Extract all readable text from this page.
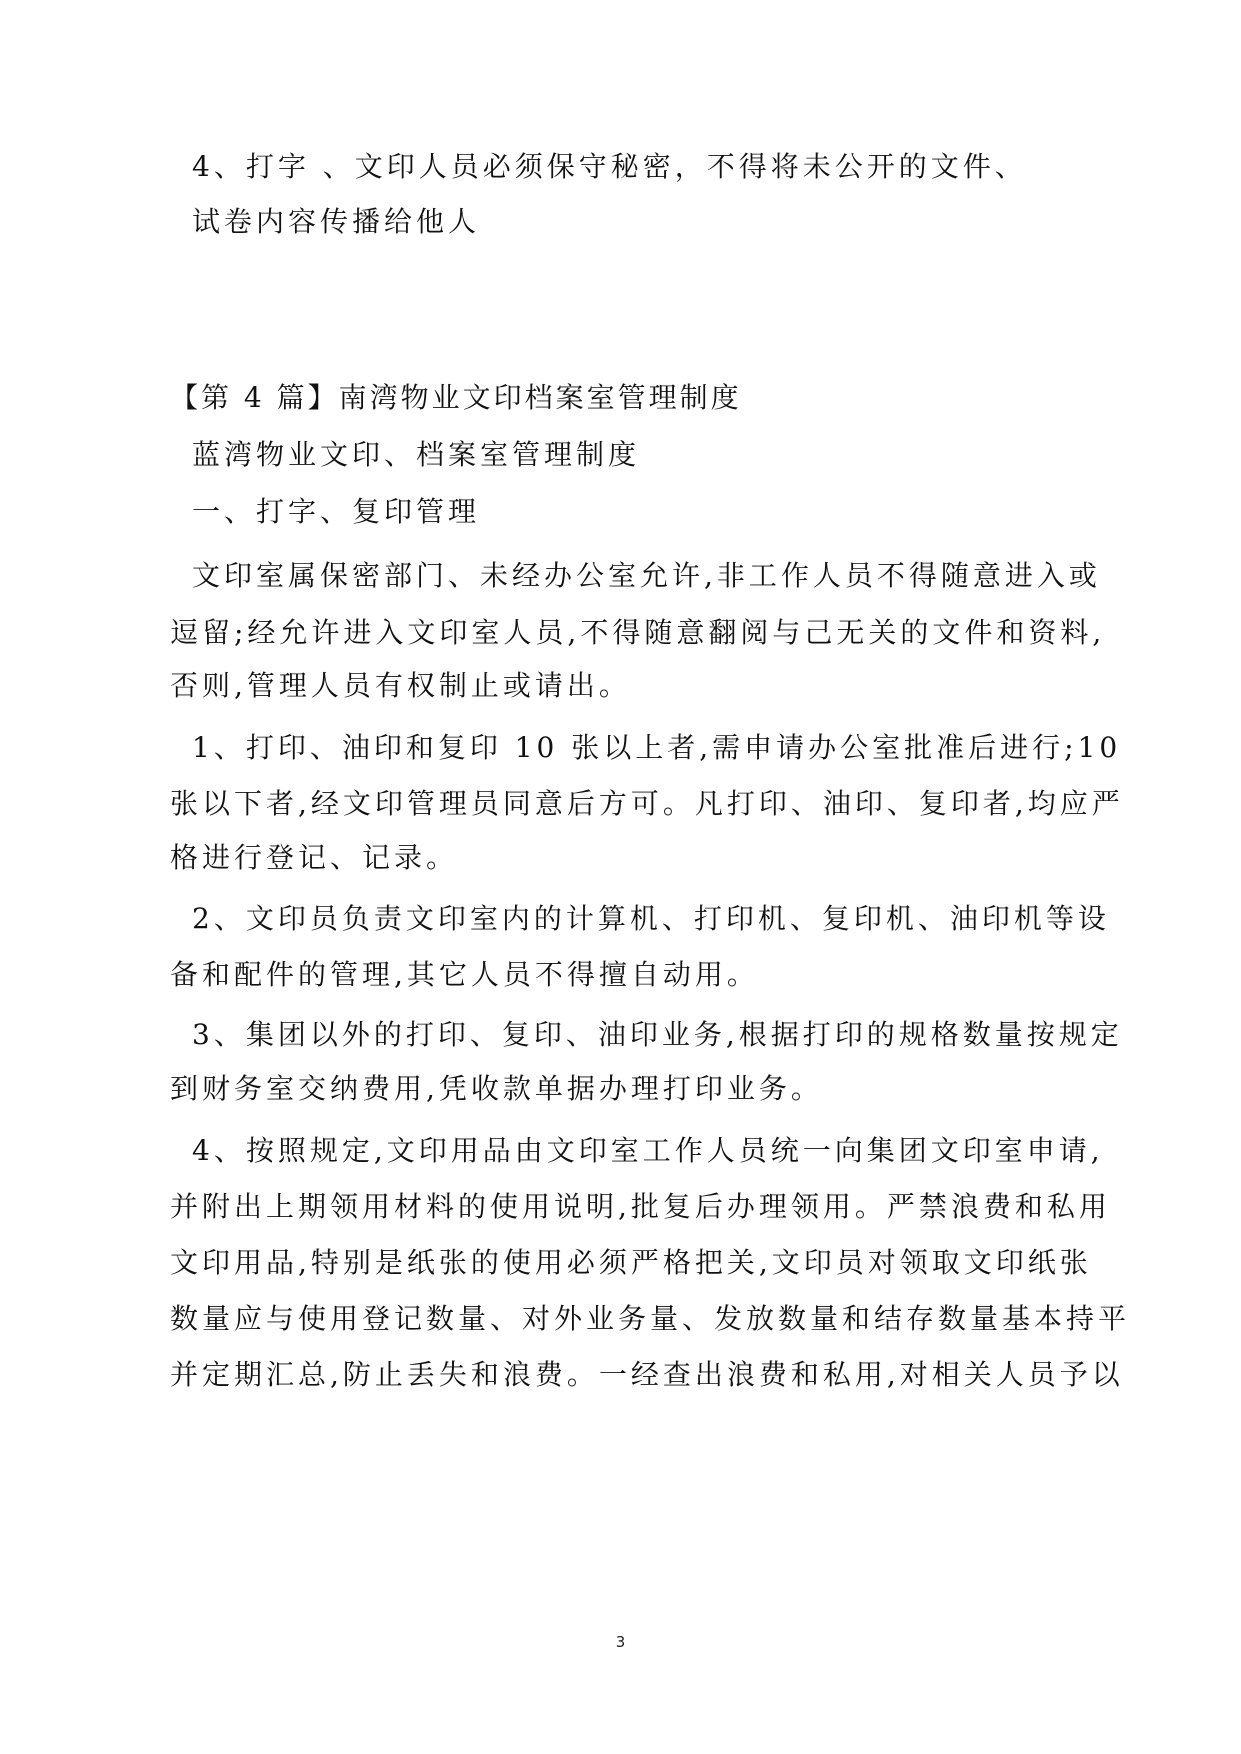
4、打字 、文印人员必须保守秘密，不得将未公开的文件、
试卷内容传播给他人
【第 4 篇】南湾物业文印档案室管理制度
蓝湾物业文印、档案室管理制度
一、打字、复印管理
文印室属保密部门、未经办公室允许,非工作人员不得随意进入或
逗留;经允许进入文印室人员,不得随意翻阅与己无关的文件和资料,
否则,管理人员有权制止或请出。
1、打印、油印和复印 10 张以上者,需申请办公室批准后进行;10
张以下者,经文印管理员同意后方可。凡打印、油印、复印者,均应严
格进行登记、记录。
2、文印员负责文印室内的计算机、打印机、复印机、油印机等设
备和配件的管理,其它人员不得擅自动用。
3、集团以外的打印、复印、油印业务,根据打印的规格数量按规定
到财务室交纳费用,凭收款单据办理打印业务。
4、按照规定,文印用品由文印室工作人员统一向集团文印室申请,
并附出上期领用材料的使用说明,批复后办理领用。严禁浪费和私用
文印用品,特别是纸张的使用必须严格把关,文印员对领取文印纸张
数量应与使用登记数量、对外业务量、发放数量和结存数量基本持平
并定期汇总,防止丢失和浪费。一经查出浪费和私用,对相关人员予以
3
